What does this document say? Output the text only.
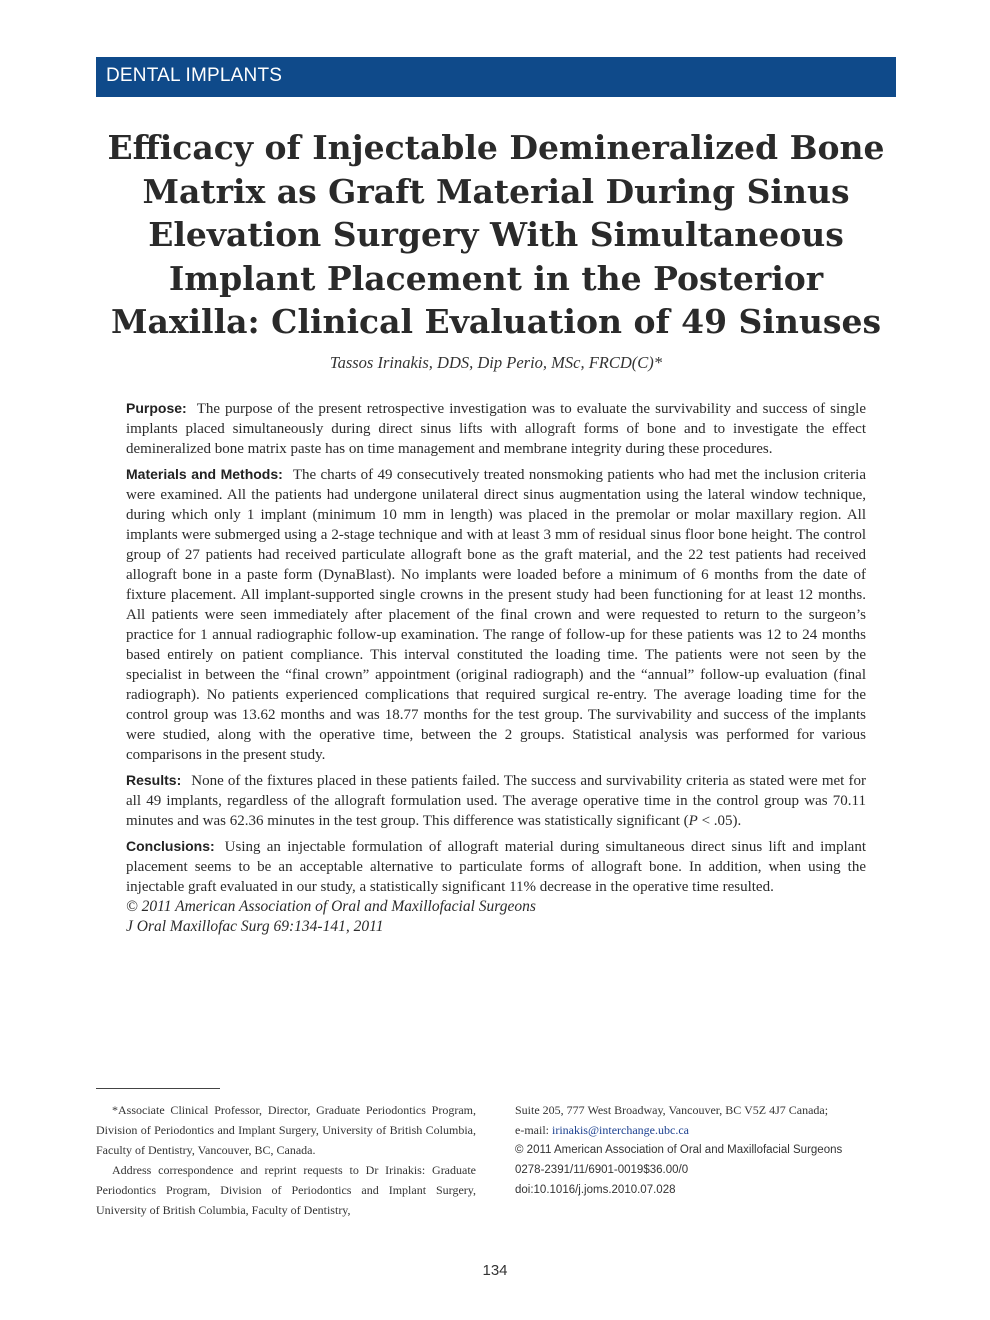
DENTAL IMPLANTS
Efficacy of Injectable Demineralized Bone Matrix as Graft Material During Sinus Elevation Surgery With Simultaneous Implant Placement in the Posterior Maxilla: Clinical Evaluation of 49 Sinuses
Tassos Irinakis, DDS, Dip Perio, MSc, FRCD(C)*

Purpose: The purpose of the present retrospective investigation was to evaluate the survivability and success of single implants placed simultaneously during direct sinus lifts with allograft forms of bone and to investigate the effect demineralized bone matrix paste has on time management and membrane integrity during these procedures.

Materials and Methods: The charts of 49 consecutively treated nonsmoking patients who had met the inclusion criteria were examined. All the patients had undergone unilateral direct sinus augmentation using the lateral window technique, during which only 1 implant (minimum 10 mm in length) was placed in the premolar or molar maxillary region. All implants were submerged using a 2-stage technique and with at least 3 mm of residual sinus floor bone height. The control group of 27 patients had received particulate allograft bone as the graft material, and the 22 test patients had received allograft bone in a paste form (DynaBlast). No implants were loaded before a minimum of 6 months from the date of fixture placement. All implant-supported single crowns in the present study had been functioning for at least 12 months. All patients were seen immediately after placement of the final crown and were requested to return to the surgeon’s practice for 1 annual radiographic follow-up examination. The range of follow-up for these patients was 12 to 24 months based entirely on patient compliance. This interval constituted the loading time. The patients were not seen by the specialist in between the “final crown” appointment (original radiograph) and the “annual” follow-up evaluation (final radiograph). No patients experienced complications that required surgical re-entry. The average loading time for the control group was 13.62 months and was 18.77 months for the test group. The survivability and success of the implants were studied, along with the operative time, between the 2 groups. Statistical analysis was performed for various comparisons in the present study.

Results: None of the fixtures placed in these patients failed. The success and survivability criteria as stated were met for all 49 implants, regardless of the allograft formulation used. The average operative time in the control group was 70.11 minutes and was 62.36 minutes in the test group. This difference was statistically significant (P < .05).

Conclusions: Using an injectable formulation of allograft material during simultaneous direct sinus lift and implant placement seems to be an acceptable alternative to particulate forms of allograft bone. In addition, when using the injectable graft evaluated in our study, a statistically significant 11% decrease in the operative time resulted.

© 2011 American Association of Oral and Maxillofacial Surgeons

J Oral Maxillofac Surg 69:134-141, 2011

*Associate Clinical Professor, Director, Graduate Periodontics Program, Division of Periodontics and Implant Surgery, University of British Columbia, Faculty of Dentistry, Vancouver, BC, Canada.

Address correspondence and reprint requests to Dr Irinakis: Graduate Periodontics Program, Division of Periodontics and Implant Surgery, University of British Columbia, Faculty of Dentistry,

Suite 205, 777 West Broadway, Vancouver, BC V5Z 4J7 Canada;

e-mail: irinakis@interchange.ubc.ca

© 2011 American Association of Oral and Maxillofacial Surgeons

0278-2391/11/6901-0019$36.00/0

doi:10.1016/j.joms.2010.07.028

134
